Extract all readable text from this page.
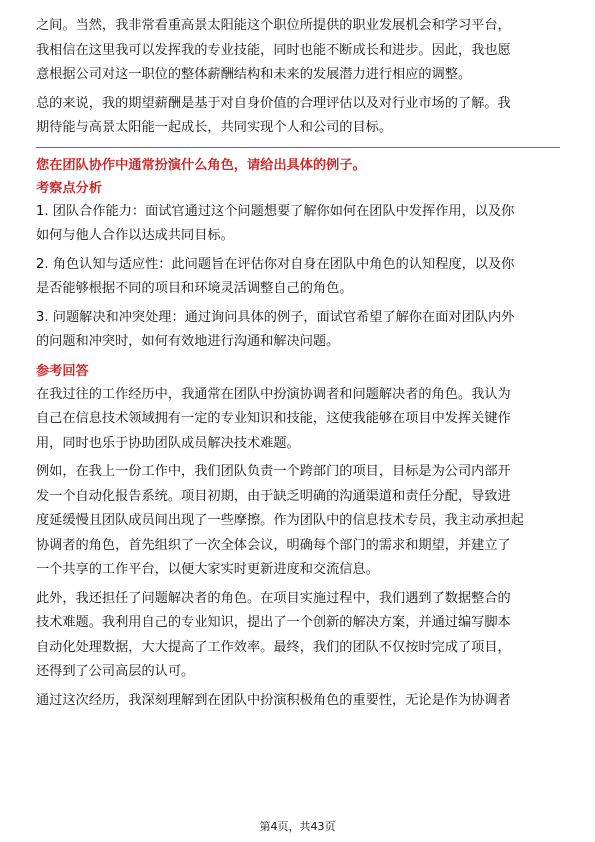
之间。当然，我非常看重高景太阳能这个职位所提供的职业发展机会和学习平台，
我相信在这里我可以发挥我的专业技能，同时也能不断成长和进步。因此，我也愿
意根据公司对这一职位的整体薪酬结构和未来的发展潜力进行相应的调整。
总的来说，我的期望薪酬是基于对自身价值的合理评估以及对行业市场的了解。我
期待能与高景太阳能一起成长，共同实现个人和公司的目标。
您在团队协作中通常扮演什么角色，请给出具体的例子。
考察点分析
1. 团队合作能力：面试官通过这个问题想要了解你如何在团队中发挥作用，以及你
如何与他人合作以达成共同目标。
2. 角色认知与适应性：此问题旨在评估你对自身在团队中角色的认知程度，以及你
是否能够根据不同的项目和环境灵活调整自己的角色。
3. 问题解决和冲突处理：通过询问具体的例子，面试官希望了解你在面对团队内外
的问题和冲突时，如何有效地进行沟通和解决问题。
参考回答
在我过往的工作经历中，我通常在团队中扮演协调者和问题解决者的角色。我认为
自己在信息技术领域拥有一定的专业知识和技能，这使我能够在项目中发挥关键作
用，同时也乐于协助团队成员解决技术难题。
例如，在我上一份工作中，我们团队负责一个跨部门的项目，目标是为公司内部开
发一个自动化报告系统。项目初期，由于缺乏明确的沟通渠道和责任分配，导致进
度延缓慢且团队成员间出现了一些摩擦。作为团队中的信息技术专员，我主动承担起
协调者的角色，首先组织了一次全体会议，明确每个部门的需求和期望，并建立了
一个共享的工作平台，以便大家实时更新进度和交流信息。
此外，我还担任了问题解决者的角色。在项目实施过程中，我们遇到了数据整合的
技术难题。我利用自己的专业知识，提出了一个创新的解决方案，并通过编写脚本
自动化处理数据，大大提高了工作效率。最终，我们的团队不仅按时完成了项目，
还得到了公司高层的认可。
通过这次经历，我深刻理解到在团队中扮演积极角色的重要性，无论是作为协调者
第4页，共43页
